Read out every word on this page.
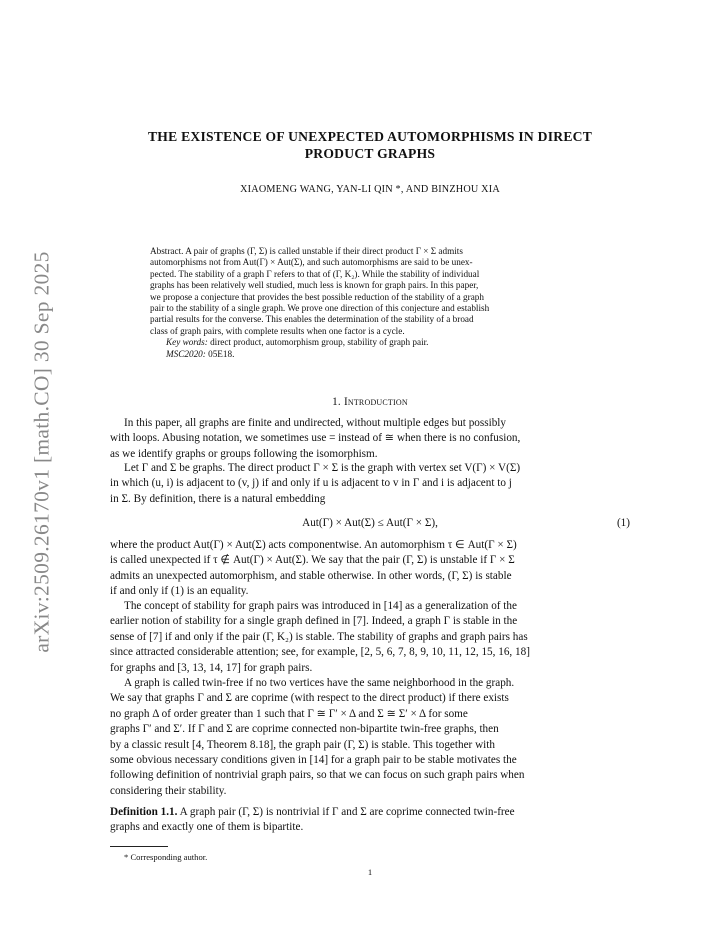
arXiv:2509.26170v1 [math.CO] 30 Sep 2025
THE EXISTENCE OF UNEXPECTED AUTOMORPHISMS IN DIRECT
PRODUCT GRAPHS
XIAOMENG WANG, YAN-LI QIN *, AND BINZHOU XIA
Abstract. A pair of graphs (Γ, Σ) is called unstable if their direct product Γ × Σ admits
automorphisms not from Aut(Γ) × Aut(Σ), and such automorphisms are said to be unex-
pected. The stability of a graph Γ refers to that of (Γ, K₂). While the stability of individual
graphs has been relatively well studied, much less is known for graph pairs. In this paper,
we propose a conjecture that provides the best possible reduction of the stability of a graph
pair to the stability of a single graph. We prove one direction of this conjecture and establish
partial results for the converse. This enables the determination of the stability of a broad
class of graph pairs, with complete results when one factor is a cycle.
Key words: direct product, automorphism group, stability of graph pair.
MSC2020: 05E18.
1. Introduction
In this paper, all graphs are finite and undirected, without multiple edges but possibly
with loops. Abusing notation, we sometimes use = instead of ≅ when there is no confusion,
as we identify graphs or groups following the isomorphism.
Let Γ and Σ be graphs. The direct product Γ × Σ is the graph with vertex set V(Γ) × V(Σ)
in which (u, i) is adjacent to (v, j) if and only if u is adjacent to v in Γ and i is adjacent to j
in Σ. By definition, there is a natural embedding
Aut(Γ) × Aut(Σ) ≤ Aut(Γ × Σ),	(1)
where the product Aut(Γ) × Aut(Σ) acts componentwise. An automorphism τ ∈ Aut(Γ × Σ)
is called unexpected if τ ∉ Aut(Γ) × Aut(Σ). We say that the pair (Γ, Σ) is unstable if Γ × Σ
admits an unexpected automorphism, and stable otherwise. In other words, (Γ, Σ) is stable
if and only if (1) is an equality.
The concept of stability for graph pairs was introduced in [14] as a generalization of the
earlier notion of stability for a single graph defined in [7]. Indeed, a graph Γ is stable in the
sense of [7] if and only if the pair (Γ, K₂) is stable. The stability of graphs and graph pairs has
since attracted considerable attention; see, for example, [2, 5, 6, 7, 8, 9, 10, 11, 12, 15, 16, 18]
for graphs and [3, 13, 14, 17] for graph pairs.
A graph is called twin-free if no two vertices have the same neighborhood in the graph.
We say that graphs Γ and Σ are coprime (with respect to the direct product) if there exists
no graph Δ of order greater than 1 such that Γ ≅ Γ′ × Δ and Σ ≅ Σ′ × Δ for some
graphs Γ′ and Σ′. If Γ and Σ are coprime connected non-bipartite twin-free graphs, then
by a classic result [4, Theorem 8.18], the graph pair (Γ, Σ) is stable. This together with
some obvious necessary conditions given in [14] for a graph pair to be stable motivates the
following definition of nontrivial graph pairs, so that we can focus on such graph pairs when
considering their stability.
Definition 1.1. A graph pair (Γ, Σ) is nontrivial if Γ and Σ are coprime connected twin-free
graphs and exactly one of them is bipartite.
* Corresponding author.
1
